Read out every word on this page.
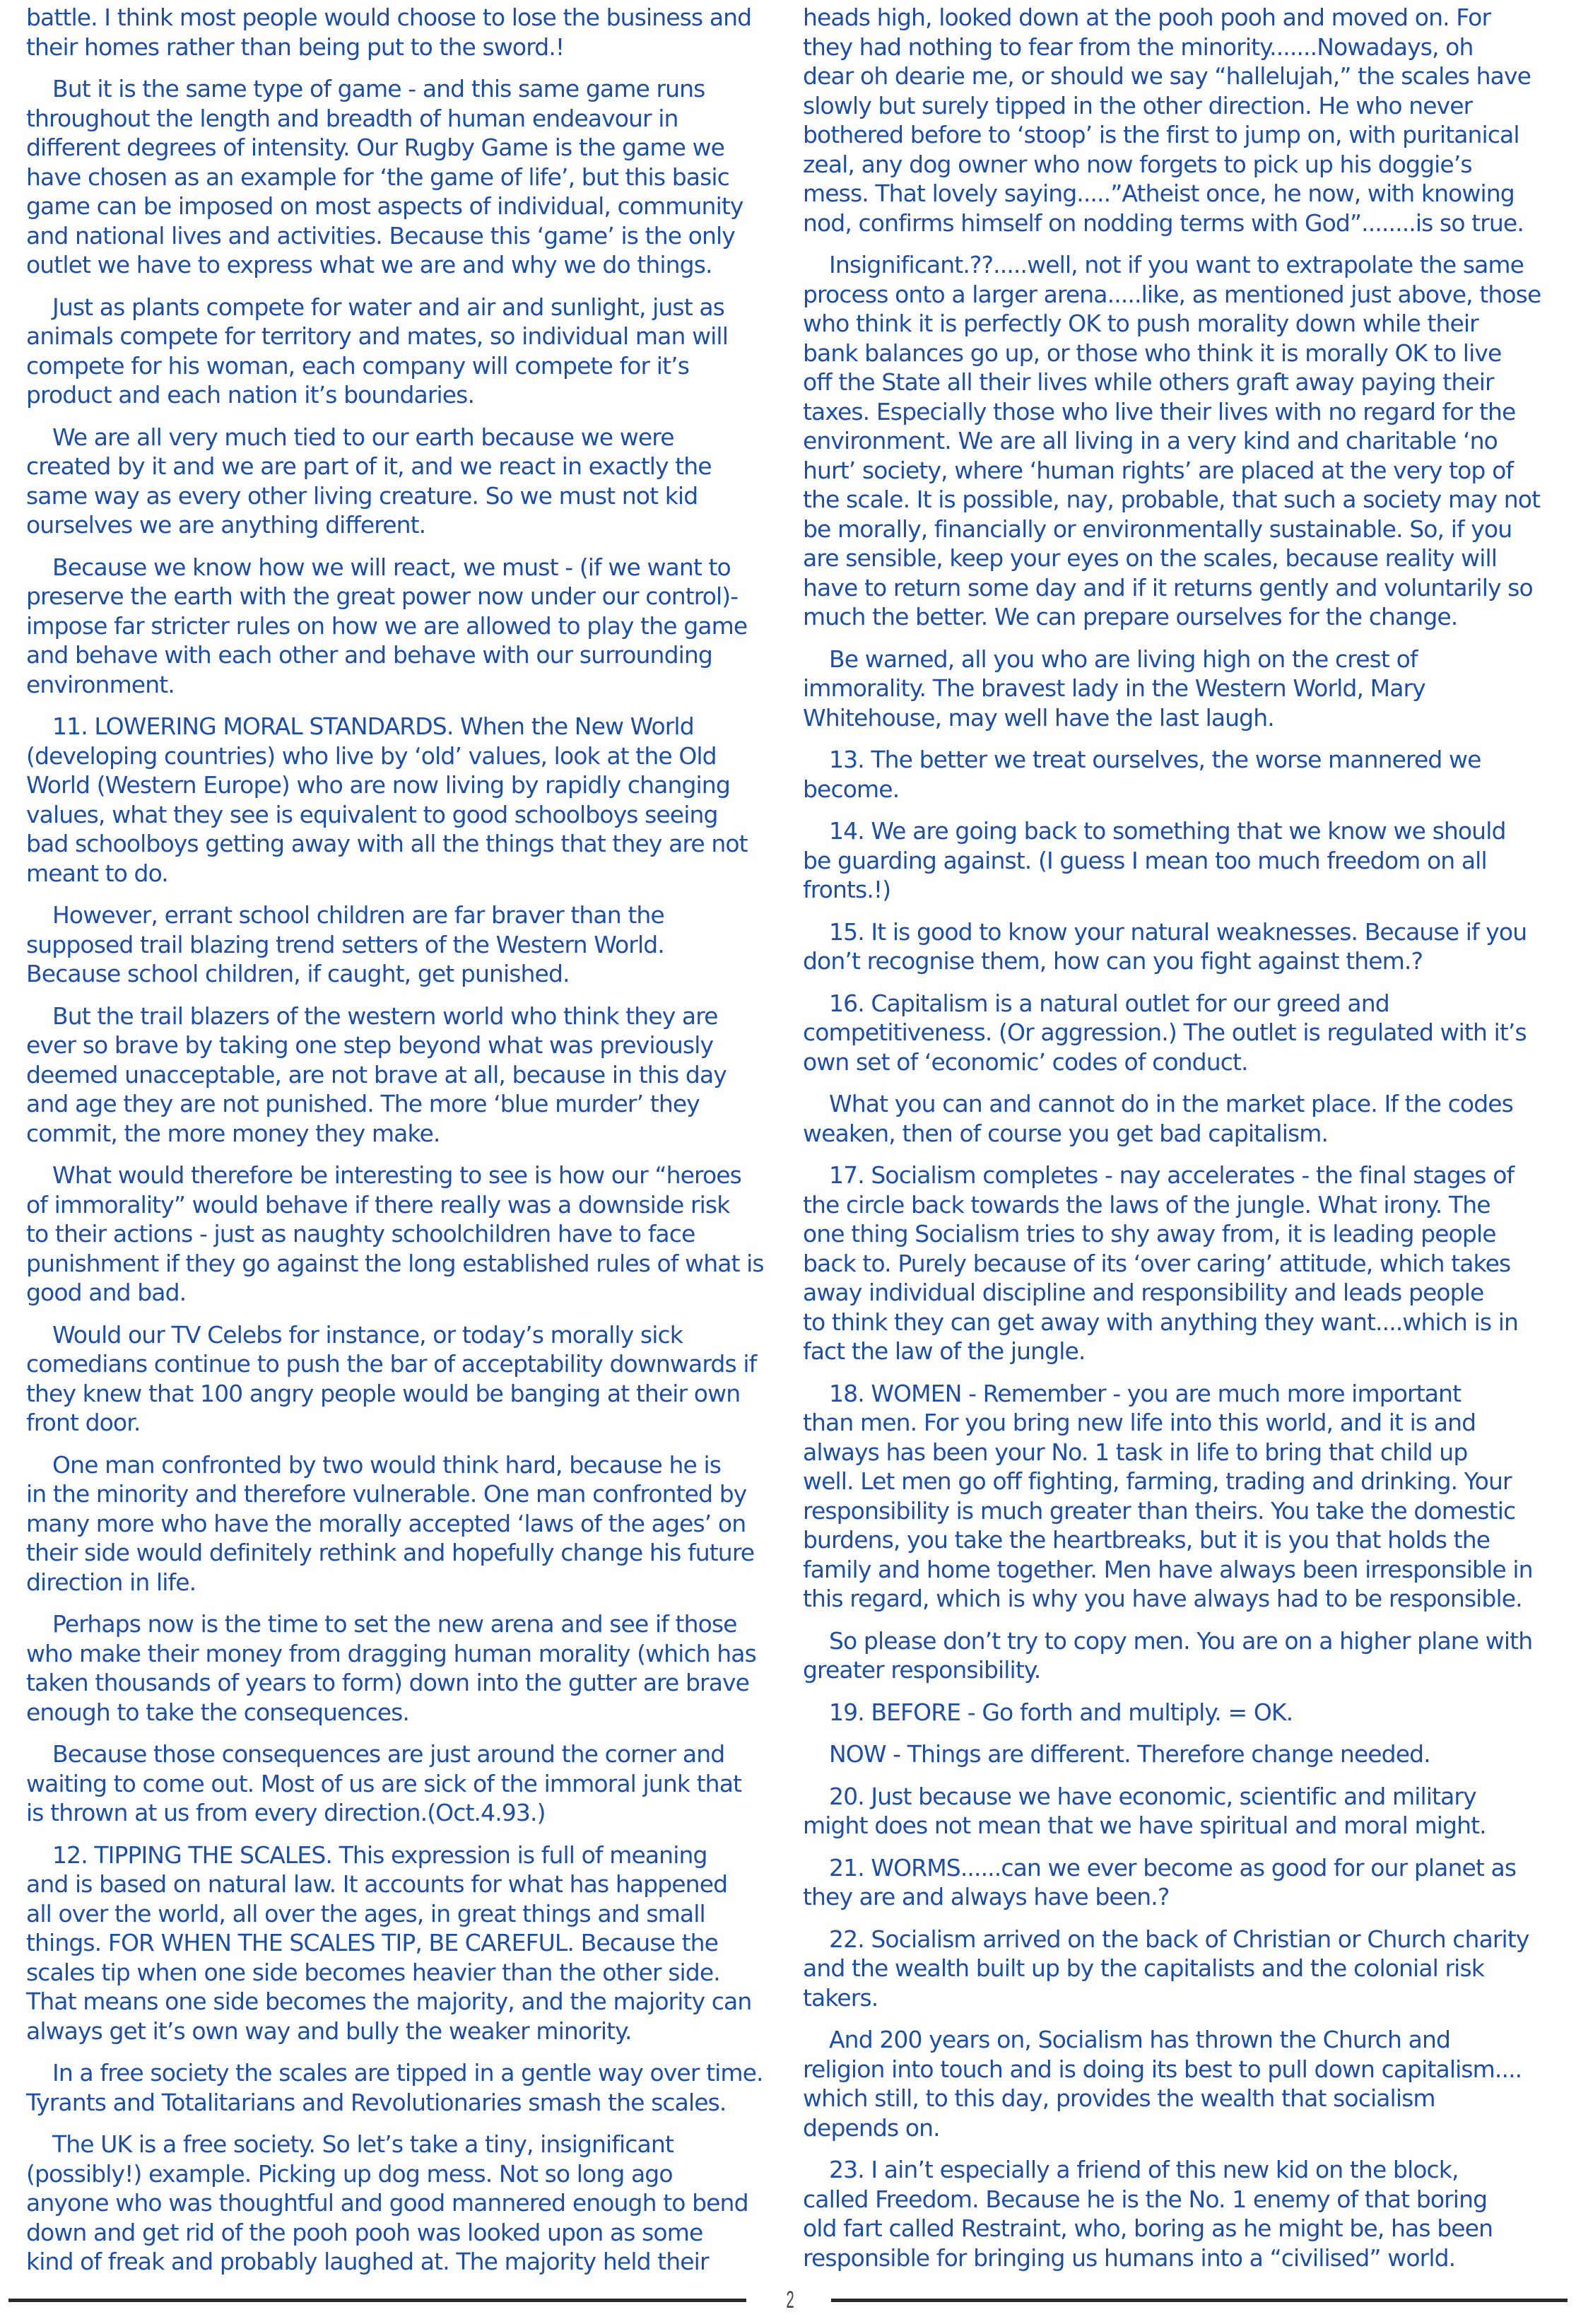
battle. I think most people would choose to lose the business and
their homes rather than being put to the sword.!
But it is the same type of game - and this same game runs
throughout the length and breadth of human endeavour in
different degrees of intensity. Our Rugby Game is the game we
have chosen as an example for ‘the game of life’, but this basic
game can be imposed on most aspects of individual, community
and national lives and activities. Because this ‘game’ is the only
outlet we have to express what we are and why we do things.
Just as plants compete for water and air and sunlight, just as
animals compete for territory and mates, so individual man will
compete for his woman, each company will compete for it’s
product and each nation it’s boundaries.
We are all very much tied to our earth because we were
created by it and we are part of it, and we react in exactly the
same way as every other living creature. So we must not kid
ourselves we are anything different.
Because we know how we will react, we must - (if we want to
preserve the earth with the great power now under our control)-
impose far stricter rules on how we are allowed to play the game
and behave with each other and behave with our surrounding
environment.
11. LOWERING MORAL STANDARDS. When the New World
(developing countries) who live by ‘old’ values, look at the Old
World (Western Europe) who are now living by rapidly changing
values, what they see is equivalent to good schoolboys seeing
bad schoolboys getting away with all the things that they are not
meant to do.
However, errant school children are far braver than the
supposed trail blazing trend setters of the Western World.
Because school children, if caught, get punished.
But the trail blazers of the western world who think they are
ever so brave by taking one step beyond what was previously
deemed unacceptable, are not brave at all, because in this day
and age they are not punished. The more ‘blue murder’ they
commit, the more money they make.
What would therefore be interesting to see is how our “heroes
of immorality” would behave if there really was a downside risk
to their actions - just as naughty schoolchildren have to face
punishment if they go against the long established rules of what is
good and bad.
Would our TV Celebs for instance, or today’s morally sick
comedians continue to push the bar of acceptability downwards if
they knew that 100 angry people would be banging at their own
front door.
One man confronted by two would think hard, because he is
in the minority and therefore vulnerable. One man confronted by
many more who have the morally accepted ‘laws of the ages’ on
their side would definitely rethink and hopefully change his future
direction in life.
Perhaps now is the time to set the new arena and see if those
who make their money from dragging human morality (which has
taken thousands of years to form) down into the gutter are brave
enough to take the consequences.
Because those consequences are just around the corner and
waiting to come out. Most of us are sick of the immoral junk that
is thrown at us from every direction.(Oct.4.93.)
12. TIPPING THE SCALES. This expression is full of meaning
and is based on natural law. It accounts for what has happened
all over the world, all over the ages, in great things and small
things. FOR WHEN THE SCALES TIP, BE CAREFUL. Because the
scales tip when one side becomes heavier than the other side.
That means one side becomes the majority, and the majority can
always get it’s own way and bully the weaker minority.
In a free society the scales are tipped in a gentle way over time.
Tyrants and Totalitarians and Revolutionaries smash the scales.
The UK is a free society. So let’s take a tiny, insignificant
(possibly!) example. Picking up dog mess. Not so long ago
anyone who was thoughtful and good mannered enough to bend
down and get rid of the pooh pooh was looked upon as some
kind of freak and probably laughed at. The majority held their
heads high, looked down at the pooh pooh and moved on. For
they had nothing to fear from the minority.......Nowadays, oh
dear oh dearie me, or should we say “hallelujah,” the scales have
slowly but surely tipped in the other direction. He who never
bothered before to ‘stoop’ is the first to jump on, with puritanical
zeal, any dog owner who now forgets to pick up his doggie’s
mess. That lovely saying.....”Atheist once, he now, with knowing
nod, confirms himself on nodding terms with God”........is so true.
Insignificant.??.....well, not if you want to extrapolate the same
process onto a larger arena.....like, as mentioned just above, those
who think it is perfectly OK to push morality down while their
bank balances go up, or those who think it is morally OK to live
off the State all their lives while others graft away paying their
taxes. Especially those who live their lives with no regard for the
environment. We are all living in a very kind and charitable ‘no
hurt’ society, where ‘human rights’ are placed at the very top of
the scale. It is possible, nay, probable, that such a society may not
be morally, financially or environmentally sustainable. So, if you
are sensible, keep your eyes on the scales, because reality will
have to return some day and if it returns gently and voluntarily so
much the better. We can prepare ourselves for the change.
Be warned, all you who are living high on the crest of
immorality. The bravest lady in the Western World, Mary
Whitehouse, may well have the last laugh.
13. The better we treat ourselves, the worse mannered we
become.
14. We are going back to something that we know we should
be guarding against. (I guess I mean too much freedom on all
fronts.!)
15. It is good to know your natural weaknesses. Because if you
don’t recognise them, how can you fight against them.?
16. Capitalism is a natural outlet for our greed and
competitiveness. (Or aggression.) The outlet is regulated with it’s
own set of ‘economic’ codes of conduct.
What you can and cannot do in the market place. If the codes
weaken, then of course you get bad capitalism.
17. Socialism completes - nay accelerates - the final stages of
the circle back towards the laws of the jungle. What irony. The
one thing Socialism tries to shy away from, it is leading people
back to. Purely because of its ‘over caring’ attitude, which takes
away individual discipline and responsibility and leads people
to think they can get away with anything they want....which is in
fact the law of the jungle.
18. WOMEN - Remember - you are much more important
than men. For you bring new life into this world, and it is and
always has been your No. 1 task in life to bring that child up
well. Let men go off fighting, farming, trading and drinking. Your
responsibility is much greater than theirs. You take the domestic
burdens, you take the heartbreaks, but it is you that holds the
family and home together. Men have always been irresponsible in
this regard, which is why you have always had to be responsible.
So please don’t try to copy men. You are on a higher plane with
greater responsibility.
19. BEFORE - Go forth and multiply. = OK.
NOW - Things are different. Therefore change needed.
20. Just because we have economic, scientific and military
might does not mean that we have spiritual and moral might.
21. WORMS......can we ever become as good for our planet as
they are and always have been.?
22. Socialism arrived on the back of Christian or Church charity
and the wealth built up by the capitalists and the colonial risk
takers.
And 200 years on, Socialism has thrown the Church and
religion into touch and is doing its best to pull down capitalism....
which still, to this day, provides the wealth that socialism
depends on.
23. I ain’t especially a friend of this new kid on the block,
called Freedom. Because he is the No. 1 enemy of that boring
old fart called Restraint, who, boring as he might be, has been
responsible for bringing us humans into a “civilised” world.
2
